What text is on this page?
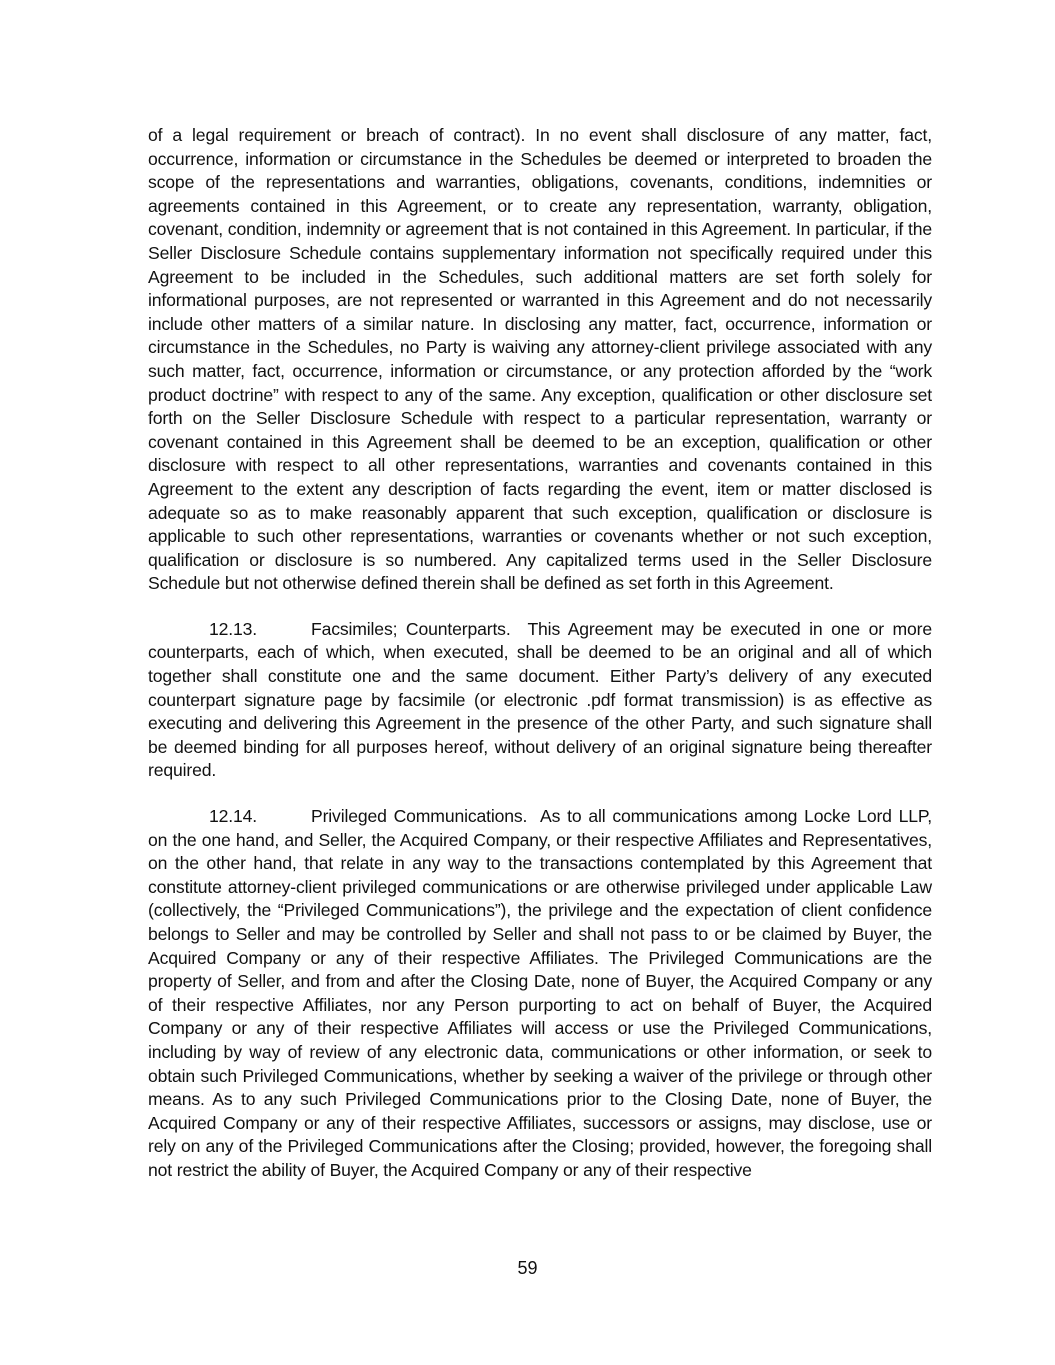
of a legal requirement or breach of contract). In no event shall disclosure of any matter, fact, occurrence, information or circumstance in the Schedules be deemed or interpreted to broaden the scope of the representations and warranties, obligations, covenants, conditions, indemnities or agreements contained in this Agreement, or to create any representation, warranty, obligation, covenant, condition, indemnity or agreement that is not contained in this Agreement. In particular, if the Seller Disclosure Schedule contains supplementary information not specifically required under this Agreement to be included in the Schedules, such additional matters are set forth solely for informational purposes, are not represented or warranted in this Agreement and do not necessarily include other matters of a similar nature. In disclosing any matter, fact, occurrence, information or circumstance in the Schedules, no Party is waiving any attorney-client privilege associated with any such matter, fact, occurrence, information or circumstance, or any protection afforded by the “work product doctrine” with respect to any of the same. Any exception, qualification or other disclosure set forth on the Seller Disclosure Schedule with respect to a particular representation, warranty or covenant contained in this Agreement shall be deemed to be an exception, qualification or other disclosure with respect to all other representations, warranties and covenants contained in this Agreement to the extent any description of facts regarding the event, item or matter disclosed is adequate so as to make reasonably apparent that such exception, qualification or disclosure is applicable to such other representations, warranties or covenants whether or not such exception, qualification or disclosure is so numbered. Any capitalized terms used in the Seller Disclosure Schedule but not otherwise defined therein shall be defined as set forth in this Agreement.

12.13.	Facsimiles; Counterparts. This Agreement may be executed in one or more counterparts, each of which, when executed, shall be deemed to be an original and all of which together shall constitute one and the same document. Either Party’s delivery of any executed counterpart signature page by facsimile (or electronic .pdf format transmission) is as effective as executing and delivering this Agreement in the presence of the other Party, and such signature shall be deemed binding for all purposes hereof, without delivery of an original signature being thereafter required.

12.14.	Privileged Communications. As to all communications among Locke Lord LLP, on the one hand, and Seller, the Acquired Company, or their respective Affiliates and Representatives, on the other hand, that relate in any way to the transactions contemplated by this Agreement that constitute attorney-client privileged communications or are otherwise privileged under applicable Law (collectively, the “Privileged Communications”), the privilege and the expectation of client confidence belongs to Seller and may be controlled by Seller and shall not pass to or be claimed by Buyer, the Acquired Company or any of their respective Affiliates. The Privileged Communications are the property of Seller, and from and after the Closing Date, none of Buyer, the Acquired Company or any of their respective Affiliates, nor any Person purporting to act on behalf of Buyer, the Acquired Company or any of their respective Affiliates will access or use the Privileged Communications, including by way of review of any electronic data, communications or other information, or seek to obtain such Privileged Communications, whether by seeking a waiver of the privilege or through other means. As to any such Privileged Communications prior to the Closing Date, none of Buyer, the Acquired Company or any of their respective Affiliates, successors or assigns, may disclose, use or rely on any of the Privileged Communications after the Closing; provided, however, the foregoing shall not restrict the ability of Buyer, the Acquired Company or any of their respective

59
